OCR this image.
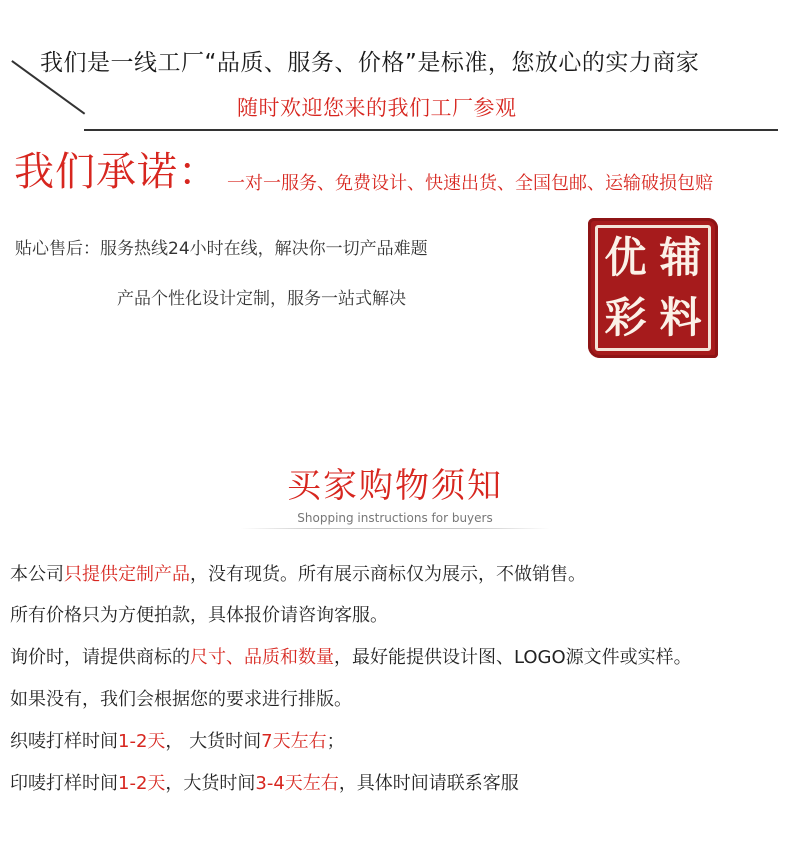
我们是一线工厂“品质、服务、价格”是标准，您放心的实力商家
随时欢迎您来的我们工厂参观
我们承诺： 一对一服务、免费设计、快速出货、全国包邮、运输破损包赔
贴心售后：服务热线24小时在线，解决你一切产品难题
产品个性化设计定制，服务一站式解决
优 辅
彩 料
买家购物须知
Shopping instructions for buyers
本公司只提供定制产品，没有现货。所有展示商标仅为展示，不做销售。
所有价格只为方便拍款，具体报价请咨询客服。
询价时，请提供商标的尺寸、品质和数量，最好能提供设计图、LOGO源文件或实样。
如果没有，我们会根据您的要求进行排版。
织唛打样时间1-2天， 大货时间7天左右；
印唛打样时间1-2天，大货时间3-4天左右，具体时间请联系客服
